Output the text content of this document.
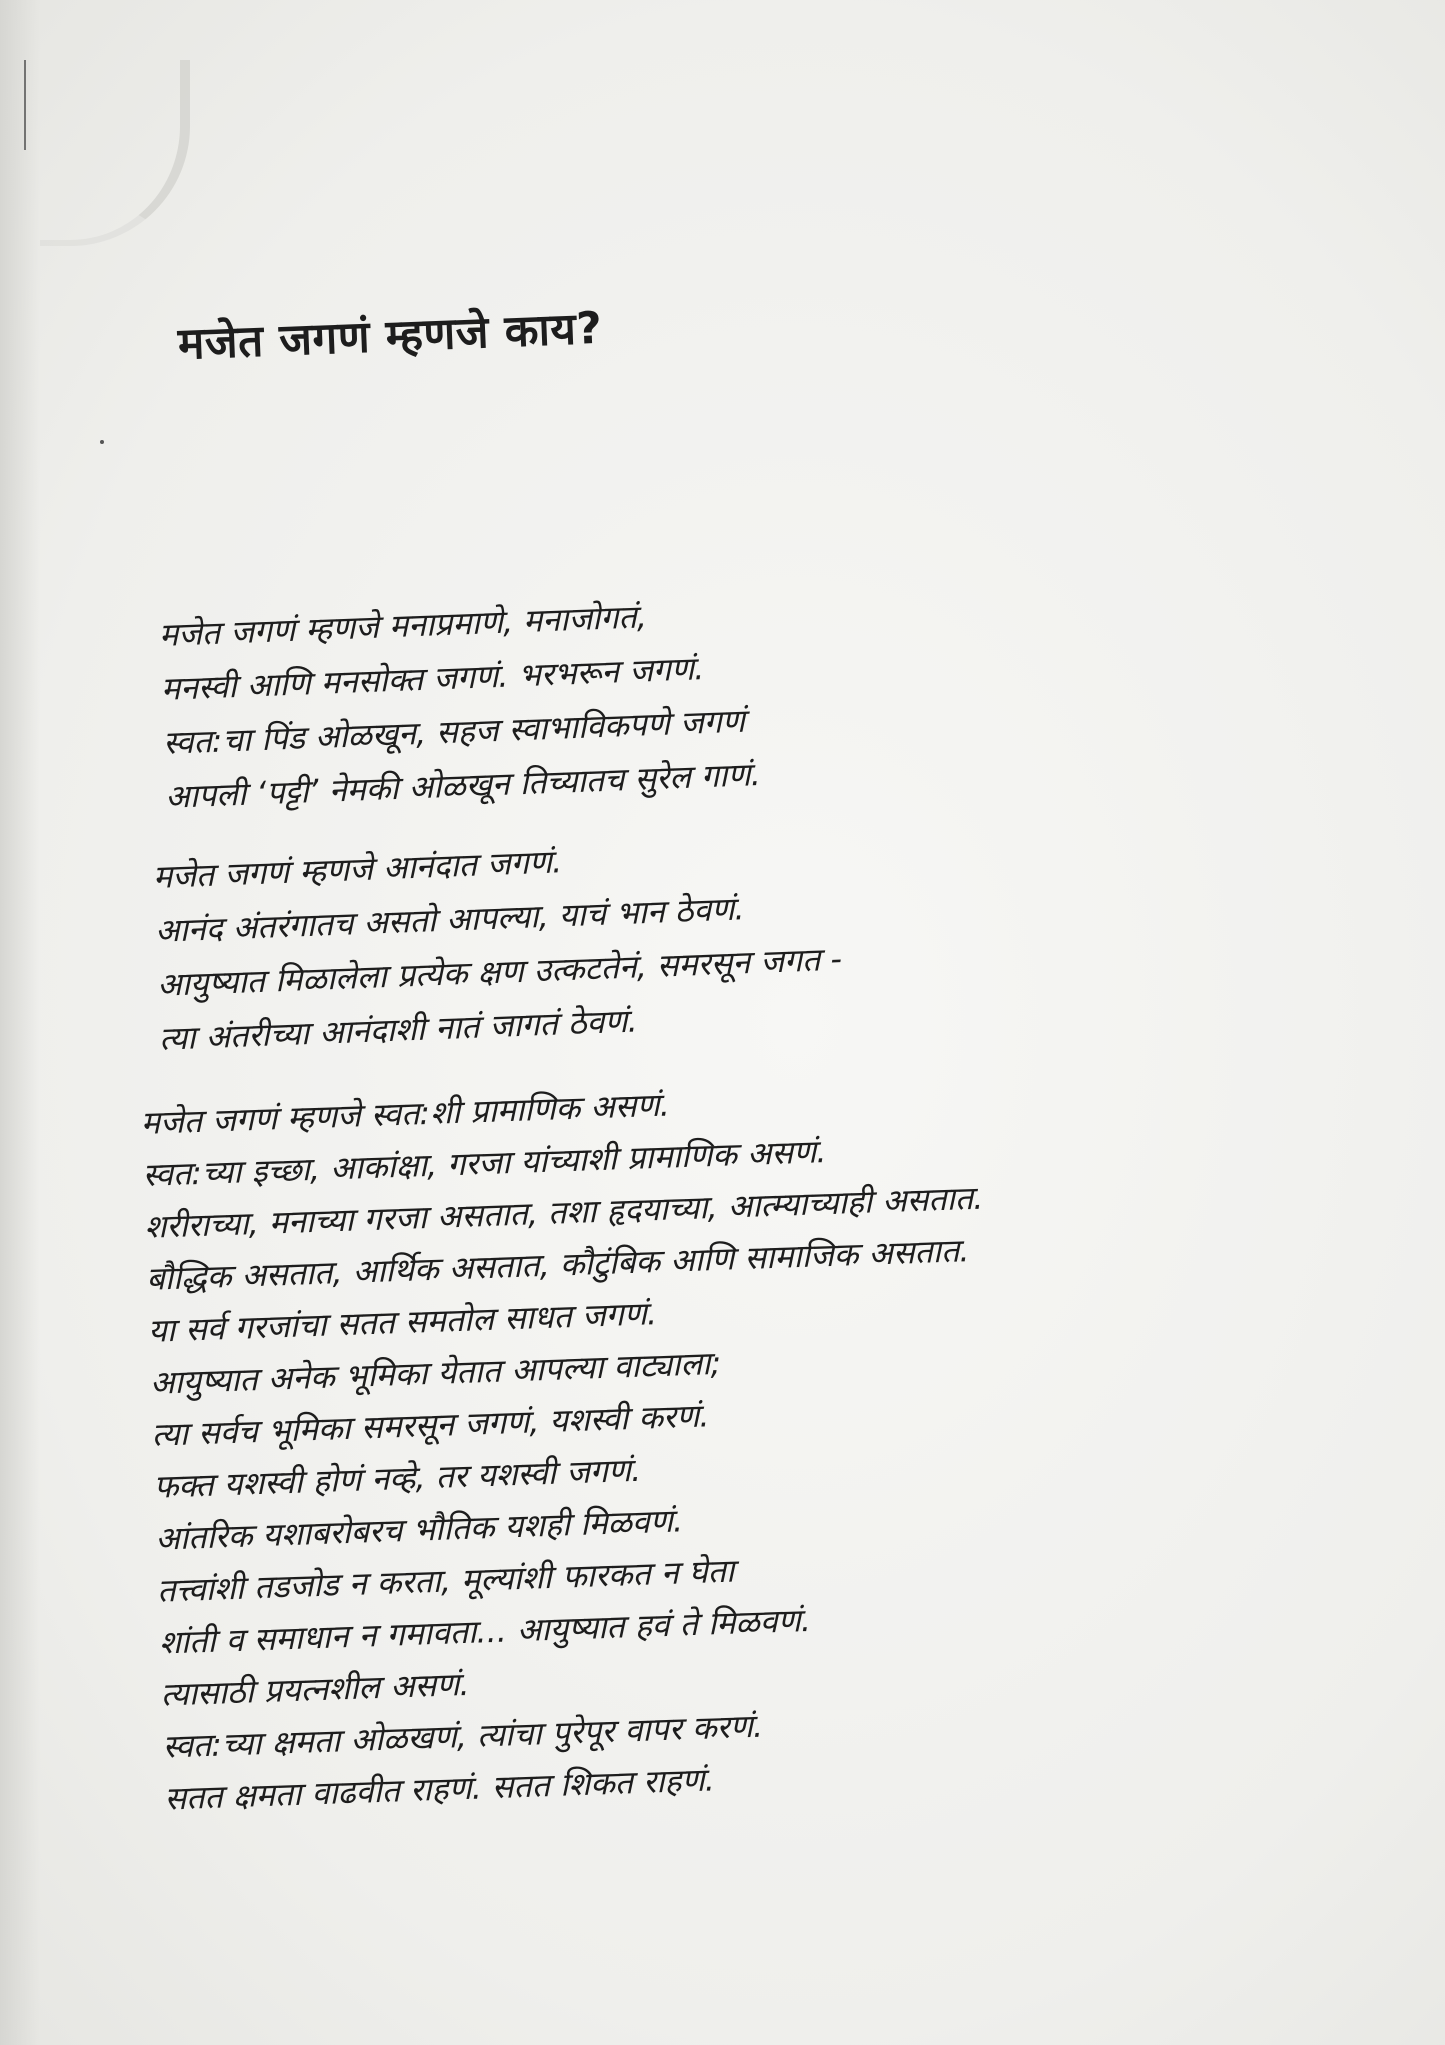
मजेत जगणं म्हणजे काय?
मजेत जगणं म्हणजे मनाप्रमाणे, मनाजोगतं,
मनस्वी आणि मनसोक्त जगणं. भरभरून जगणं.
स्वत:चा पिंड ओळखून, सहज स्वाभाविकपणे जगणं
आपली ‘पट्टी’ नेमकी ओळखून तिच्यातच सुरेल गाणं.
मजेत जगणं म्हणजे आनंदात जगणं.
आनंद अंतरंगातच असतो आपल्या, याचं भान ठेवणं.
आयुष्यात मिळालेला प्रत्येक क्षण उत्कटतेनं, समरसून जगत -
त्या अंतरीच्या आनंदाशी नातं जागतं ठेवणं.
मजेत जगणं म्हणजे स्वत:शी प्रामाणिक असणं.
स्वत:च्या इच्छा, आकांक्षा, गरजा यांच्याशी प्रामाणिक असणं.
शरीराच्या, मनाच्या गरजा असतात, तशा हृदयाच्या, आत्म्याच्याही असतात.
बौद्धिक असतात, आर्थिक असतात, कौटुंबिक आणि सामाजिक असतात.
या सर्व गरजांचा सतत समतोल साधत जगणं.
आयुष्यात अनेक भूमिका येतात आपल्या वाट्याला;
त्या सर्वच भूमिका समरसून जगणं, यशस्वी करणं.
फक्त यशस्वी होणं नव्हे, तर यशस्वी जगणं.
आंतरिक यशाबरोबरच भौतिक यशही मिळवणं.
तत्त्वांशी तडजोड न करता, मूल्यांशी फारकत न घेता
शांती व समाधान न गमावता... आयुष्यात हवं ते मिळवणं.
त्यासाठी प्रयत्नशील असणं.
स्वत:च्या क्षमता ओळखणं, त्यांचा पुरेपूर वापर करणं.
सतत क्षमता वाढवीत राहणं. सतत शिकत राहणं.
